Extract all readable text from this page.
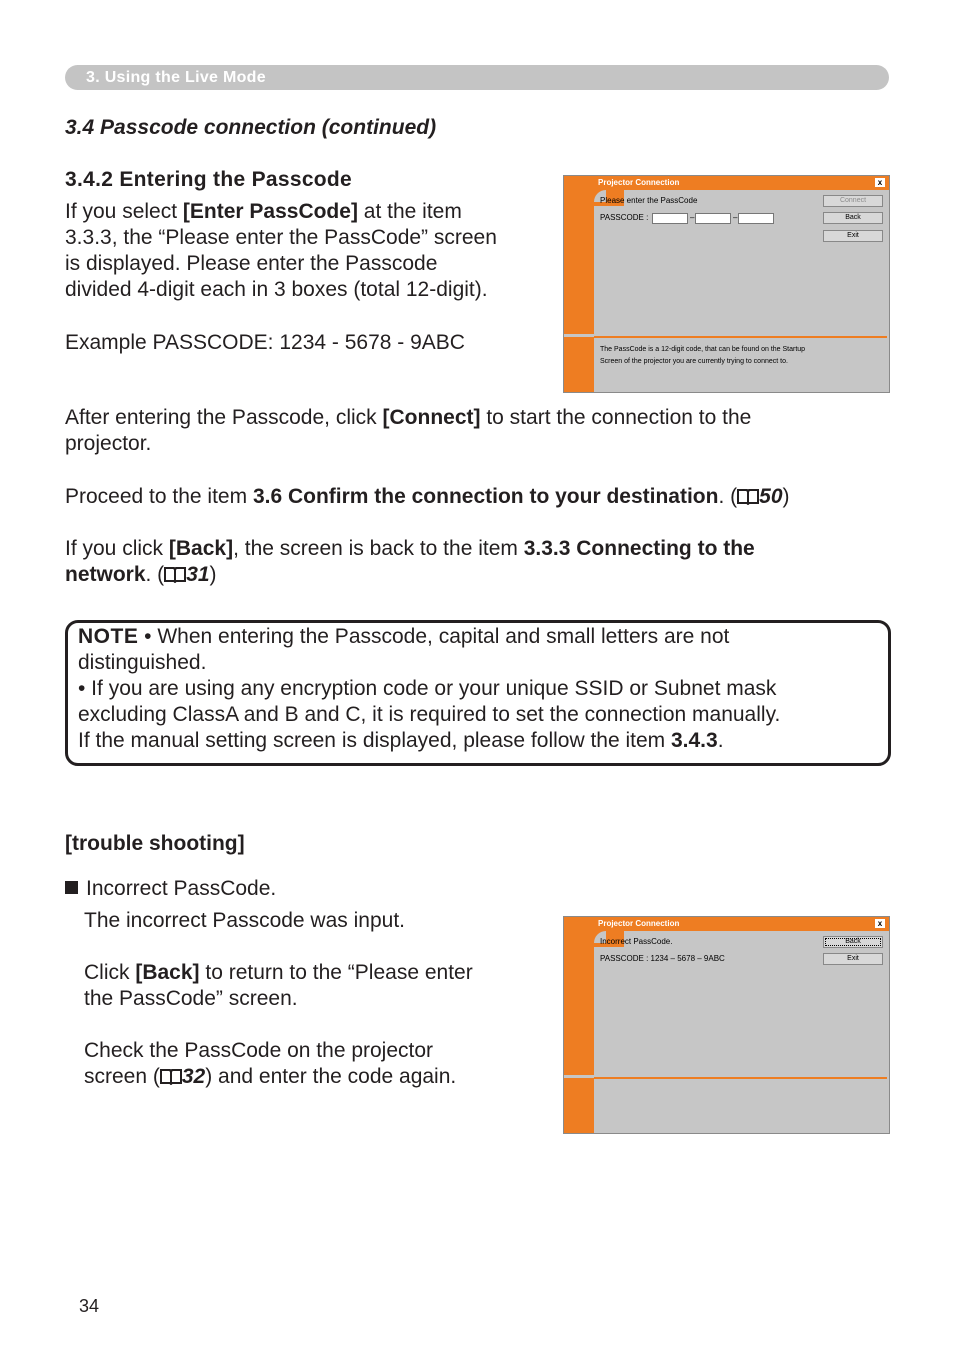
3. Using the Live Mode
3.4 Passcode connection (continued)
3.4.2 Entering the Passcode
If you select [Enter PassCode] at the item
3.3.3, the “Please enter the PassCode” screen
is displayed. Please enter the Passcode
divided 4-digit each in 3 boxes (total 12-digit).
Example PASSCODE: 1234 - 5678 - 9ABC
Projector Connection	x
Please enter the PassCode
PASSCODE :	–	–
Connect
Back
Exit
The PassCode is a 12-digit code, that can be found on the Startup
Screen of the projector you are currently trying to connect to.
After entering the Passcode, click [Connect] to start the connection to the
projector.
Proceed to the item 3.6 Confirm the connection to your destination. ( 50)
If you click [Back], the screen is back to the item 3.3.3 Connecting to the
network. ( 31)
NOTE • When entering the Passcode, capital and small letters are not
distinguished.
• If you are using any encryption code or your unique SSID or Subnet mask
excluding ClassA and B and C, it is required to set the connection manually.
If the manual setting screen is displayed, please follow the item 3.4.3.
[trouble shooting]
Incorrect PassCode.
The incorrect Passcode was input.
Click [Back] to return to the “Please enter
the PassCode” screen.
Check the PassCode on the projector
screen ( 32) and enter the code again.
Projector Connection	x
Incorrect PassCode.
PASSCODE : 1234 – 5678 – 9ABC
Back
Exit
34
